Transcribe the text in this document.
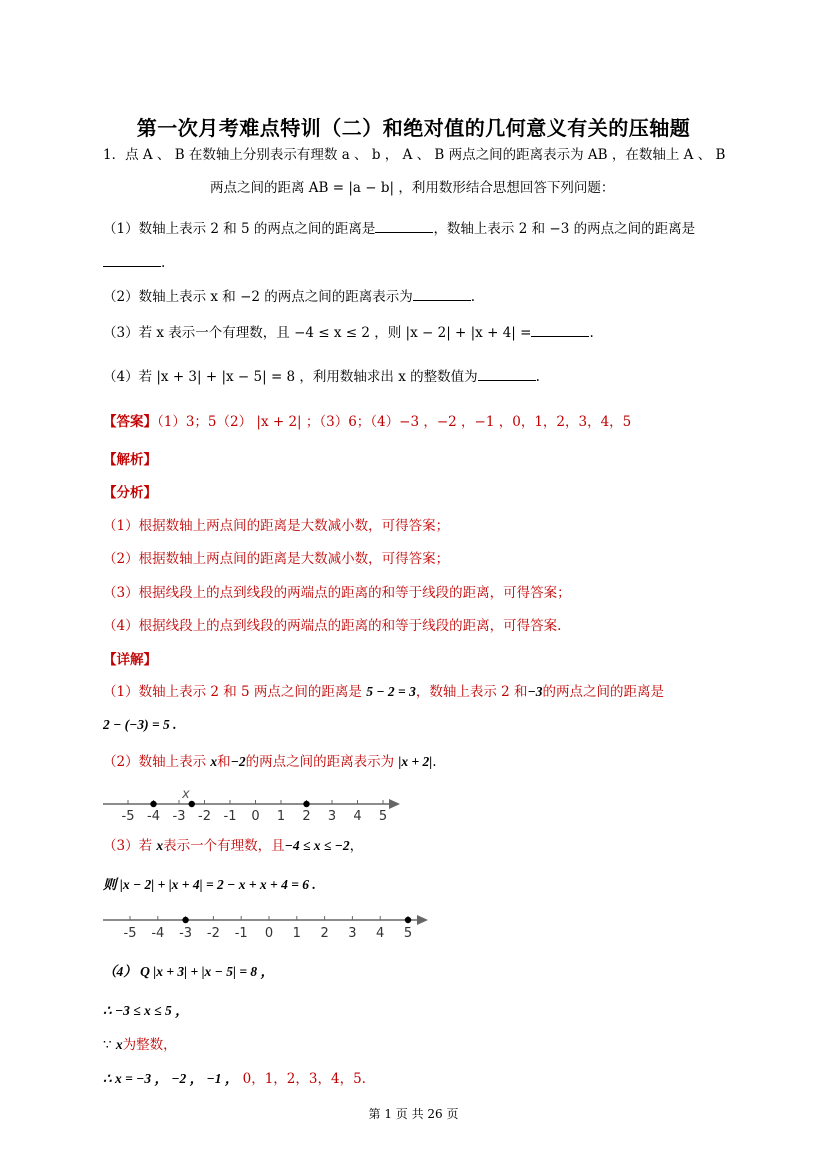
第一次月考难点特训（二）和绝对值的几何意义有关的压轴题
1．点 A 、 B 在数轴上分别表示有理数 a 、 b ， A 、 B 两点之间的距离表示为 AB ，在数轴上 A 、 B
两点之间的距离 AB = |a − b| ，利用数形结合思想回答下列问题：
（1）数轴上表示 2 和 5 的两点之间的距离是	，数轴上表示 2 和 −3 的两点之间的距离是
.
（2）数轴上表示 x 和 −2 的两点之间的距离表示为	.
（3）若 x 表示一个有理数，且 −4 ≤ x ≤ 2 ，则 |x − 2| + |x + 4| =	.
（4）若 |x + 3| + |x − 5| = 8 ，利用数轴求出 x 的整数值为	.
【答案】（1）3；5（2） |x + 2| ；（3）6；（4）−3 ，−2 ，−1 ，0，1，2，3，4，5
【解析】
【分析】
（1）根据数轴上两点间的距离是大数减小数，可得答案；
（2）根据数轴上两点间的距离是大数减小数，可得答案；
（3）根据线段上的点到线段的两端点的距离的和等于线段的距离，可得答案；
（4）根据线段上的点到线段的两端点的距离的和等于线段的距离，可得答案.
【详解】
（1）数轴上表示 2 和 5 两点之间的距离是 5 − 2 = 3，数轴上表示 2 和−3的两点之间的距离是
2 − (−3) = 5 .
（2）数轴上表示 x和−2的两点之间的距离表示为 |x + 2|.
-5 -4 -3 -2 -1 0 1 2 3 4 5
x
（3）若 x表示一个有理数，且−4 ≤ x ≤ −2，
则 |x − 2| + |x + 4| = 2 − x + x + 4 = 6 .
-5 -4 -3 -2 -1 0 1 2 3 4 5
（4） Q |x + 3| + |x − 5| = 8 ，
∴ −3 ≤ x ≤ 5 ，
∵ x为整数，
∴ x = −3 ， −2 ， −1 ， 0，1，2，3，4，5.
第 1 页 共 26 页
